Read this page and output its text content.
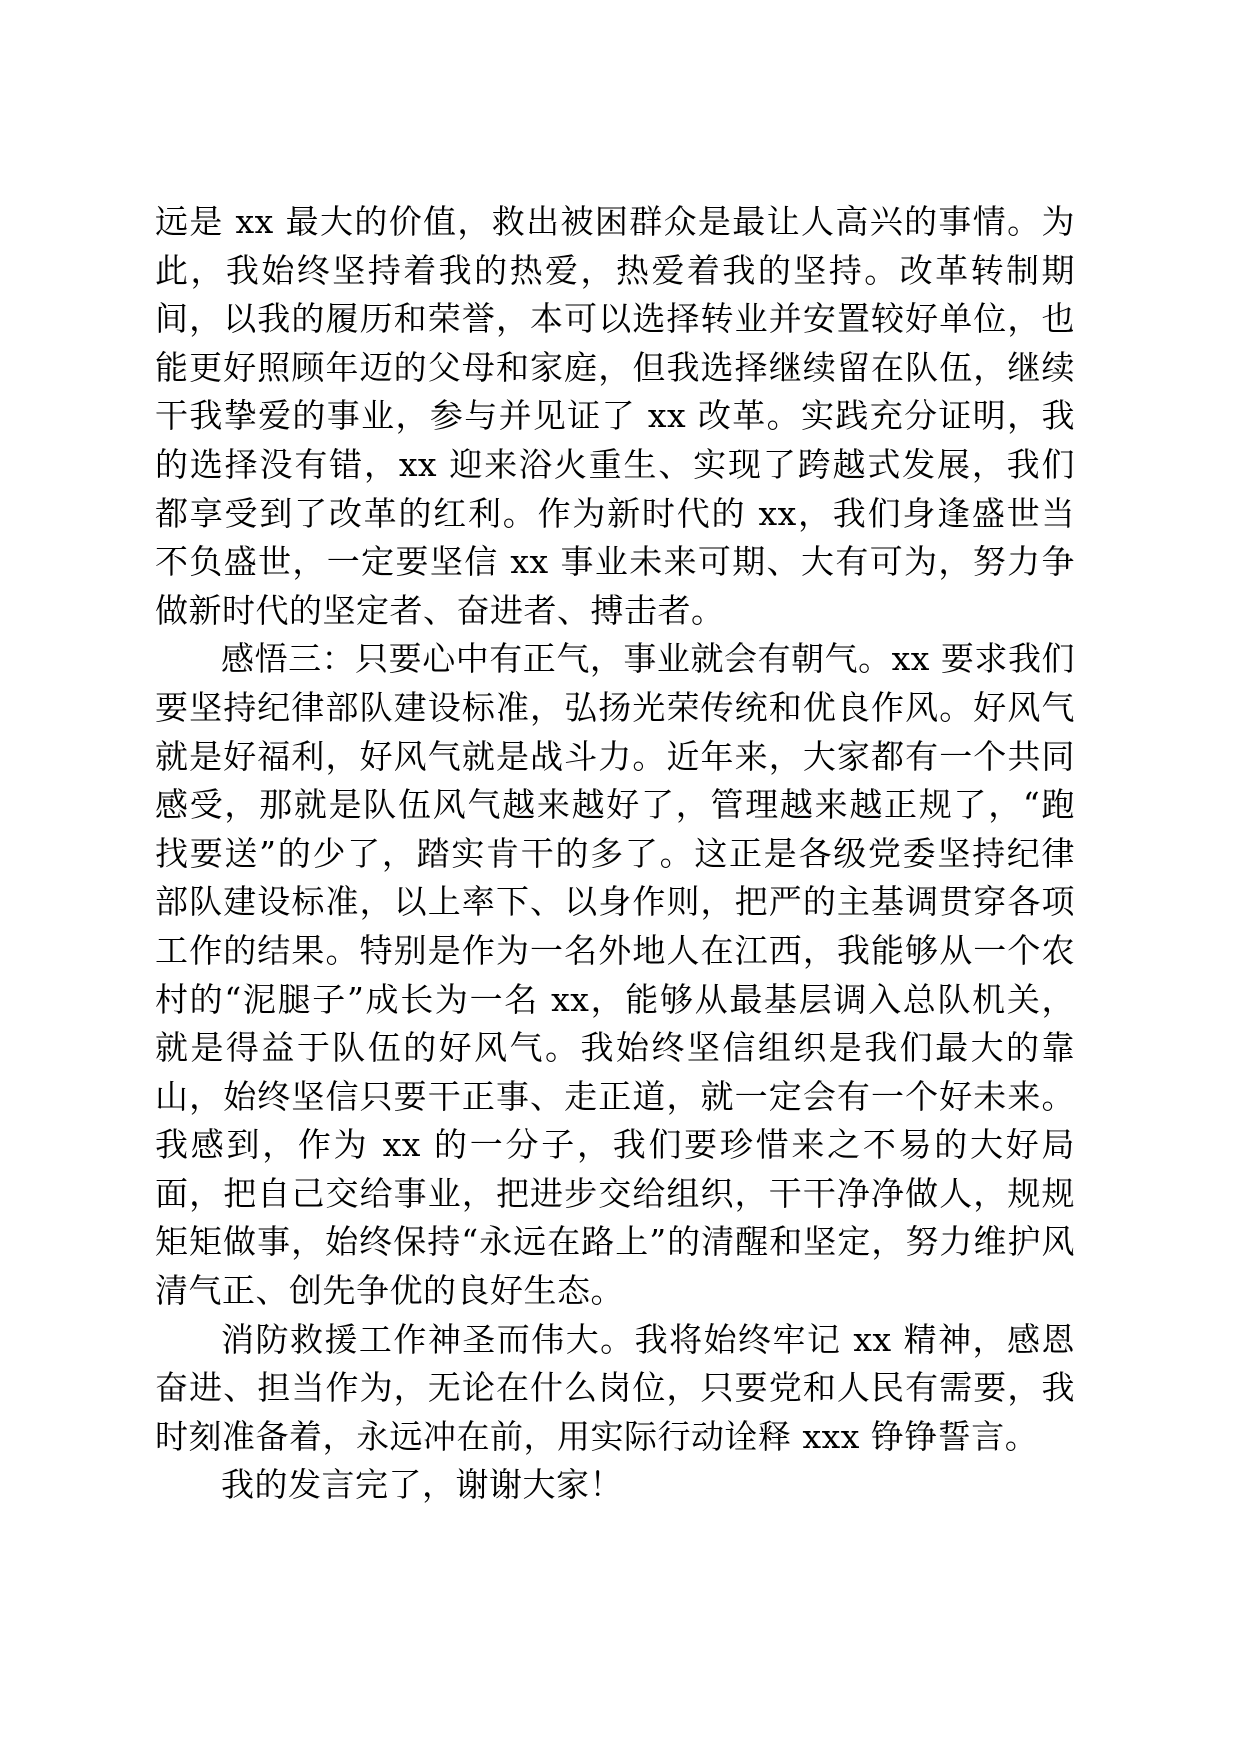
远是 xx 最大的价值，救出被困群众是最让人高兴的事情。为此，我始终坚持着我的热爱，热爱着我的坚持。改革转制期间，以我的履历和荣誉，本可以选择转业并安置较好单位，也能更好照顾年迈的父母和家庭，但我选择继续留在队伍，继续干我挚爱的事业，参与并见证了 xx 改革。实践充分证明，我的选择没有错，xx 迎来浴火重生、实现了跨越式发展，我们都享受到了改革的红利。作为新时代的 xx，我们身逢盛世当不负盛世，一定要坚信 xx 事业未来可期、大有可为，努力争做新时代的坚定者、奋进者、搏击者。

感悟三：只要心中有正气，事业就会有朝气。xx 要求我们要坚持纪律部队建设标准，弘扬光荣传统和优良作风。好风气就是好福利，好风气就是战斗力。近年来，大家都有一个共同感受，那就是队伍风气越来越好了，管理越来越正规了，“跑找要送”的少了，踏实肯干的多了。这正是各级党委坚持纪律部队建设标准，以上率下、以身作则，把严的主基调贯穿各项工作的结果。特别是作为一名外地人在江西，我能够从一个农村的“泥腿子”成长为一名 xx，能够从最基层调入总队机关，就是得益于队伍的好风气。我始终坚信组织是我们最大的靠山，始终坚信只要干正事、走正道，就一定会有一个好未来。我感到，作为 xx 的一分子，我们要珍惜来之不易的大好局面，把自己交给事业，把进步交给组织，干干净净做人，规规矩矩做事，始终保持“永远在路上”的清醒和坚定，努力维护风清气正、创先争优的良好生态。

消防救援工作神圣而伟大。我将始终牢记 xx 精神，感恩奋进、担当作为，无论在什么岗位，只要党和人民有需要，我时刻准备着，永远冲在前，用实际行动诠释 xxx 铮铮誓言。

我的发言完了，谢谢大家！
